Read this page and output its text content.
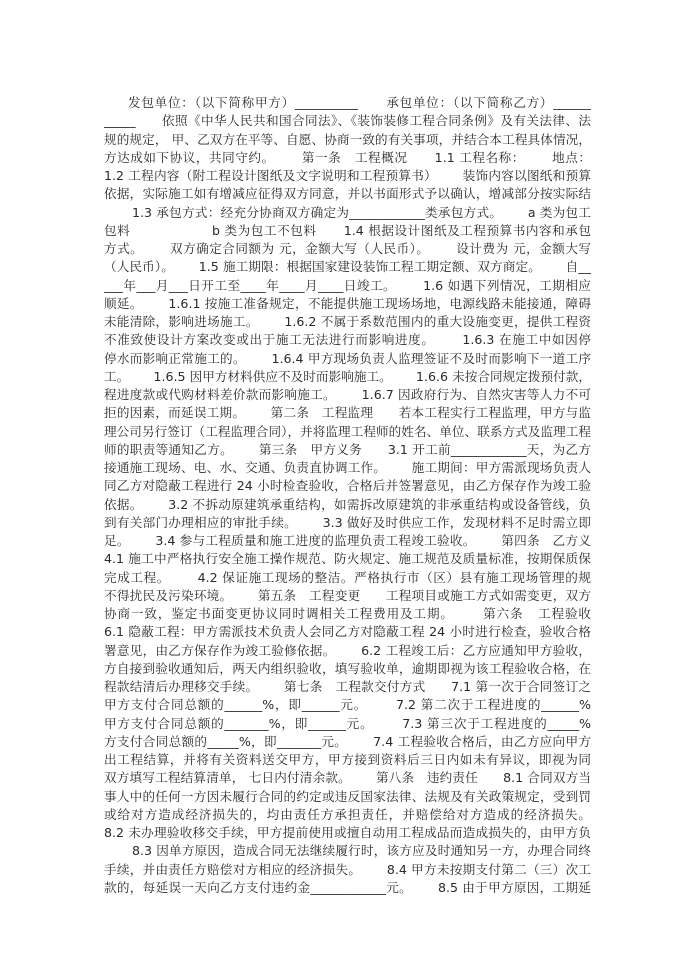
发包单位：（以下简称甲方）__________      承包单位：（以下简称乙方）______
_____      依照《中华人民共和国合同法》、《装饰装修工程合同条例》及有关法律、法
规的规定， 甲、乙双方在平等、自愿、协商一致的有关事项，并结合本工程具体情况，
方达成如下协议，共同守约。      第一条   工程概况      1.1 工程名称：      地点：
1.2 工程内容（附工程设计图纸及文字说明和工程预算书）      装饰内容以图纸和预算
依据，实际施工如有增减应征得双方同意，并以书面形式予以确认，增减部分按实际结
1.3 承包方式：经充分协商双方确定为____________类承包方式。      a 类为包工
包料                  b 类为包工不包料      1.4 根据设计图纸及工程预算书内容和承包
方式。      双方确定合同额为 元，金额大写（人民币）。      设计费为 元，金额大写
（人民币）。      1.5 施工期限：根据国家建设装饰工程工期定额、双方商定。      自__
___年___月___日开工至____年____月____日竣工。      1.6 如遇下列情况，工期相应
顺延。      1.6.1 按施工准备规定，不能提供施工现场场地，电源线路未能接通，障碍
未能清除，影响进场施工。      1.6.2 不属于系数范围内的重大设施变更，提供工程资
不准致使设计方案改变或出于施工无法进行而影响进度。      1.6.3 在施工中如因停
停水而影响正常施工的。      1.6.4 甲方现场负责人监理签证不及时而影响下一道工序
工。      1.6.5 因甲方材料供应不及时而影响施工。      1.6.6 未按合同规定拨预付款，
程进度款或代购材料差价款而影响施工。      1.6.7 因政府行为、自然灾害等人力不可
拒的因素，而延误工期。      第二条   工程监理      若本工程实行工程监理，甲方与监
理公司另行签订（工程监理合同），并将监理工程师的姓名、单位、联系方式及监理工程
师的职责等通知乙方。      第三条   甲方义务      3.1 开工前____________天，为乙方
接通施工现场、电、水、交通、负责直协调工作。      施工期间：甲方需派现场负责人
同乙方对隐蔽工程进行 24 小时检查验收，合格后并签署意见，由乙方保存作为竣工验
依据。      3.2 不拆动原建筑承重结构，如需拆改原建筑的非承重结构或设备管线，负
到有关部门办理相应的审批手续。      3.3 做好及时供应工作，发现材料不足时需立即
足。      3.4 参与工程质量和施工进度的监理负责工程竣工验收。      第四条   乙方义
4.1 施工中严格执行安全施工操作规范、防火规定、施工规范及质量标准，按期保质保
完成工程。      4.2 保证施工现场的整洁。严格执行市（区）县有施工现场管理的规
不得扰民及污染环境。      第五条   工程变更      工程项目或施工方式如需变更，双方
协商一致，鉴定书面变更协议同时调相关工程费用及工期。      第六条   工程验收
6.1 隐蔽工程：甲方需派技术负责人会同乙方对隐蔽工程 24 小时进行检查，验收合格
署意见，由乙方保存作为竣工验修依据。      6.2 工程竣工后：乙方应通知甲方验收，
方自接到验收通知后，两天内组织验收，填写验收单，逾期即视为该工程验收合格，在
程款结清后办理移交手续。      第七条   工程款交付方式      7.1 第一次于合同签订之
甲方支付合同总额的______%，即______元。      7.2 第二次于工程进度的______%
甲方支付合同总额的_______%，即______元。      7.3 第三次于工程进度的_____%
方支付合同总额的_____%，即_______元。      7.4 工程验收合格后，由乙方应向甲方
出工程结算，并将有关资料送交甲方，甲方接到资料后三日内如未有异议，即视为同
双方填写工程结算清单， 七日内付清余款。      第八条   违约责任      8.1 合同双方当
事人中的任何一方因未履行合同的约定或违反国家法律、法规及有关政策规定，受到罚
或给对方造成经济损失的，均由责任方承担责任，并赔偿给对方造成的经济损失。
8.2 未办理验收移交手续，甲方提前使用或擅自动用工程成品而造成损失的，由甲方负
8.3 因单方原因，造成合同无法继续履行时，该方应及时通知另一方，办理合同终
手续，并由责任方赔偿对方相应的经济损失。      8.4 甲方未按期支付第二（三）次工
款的，每延误一天向乙方支付违约金____________元。      8.5 由于甲方原因，工期延
